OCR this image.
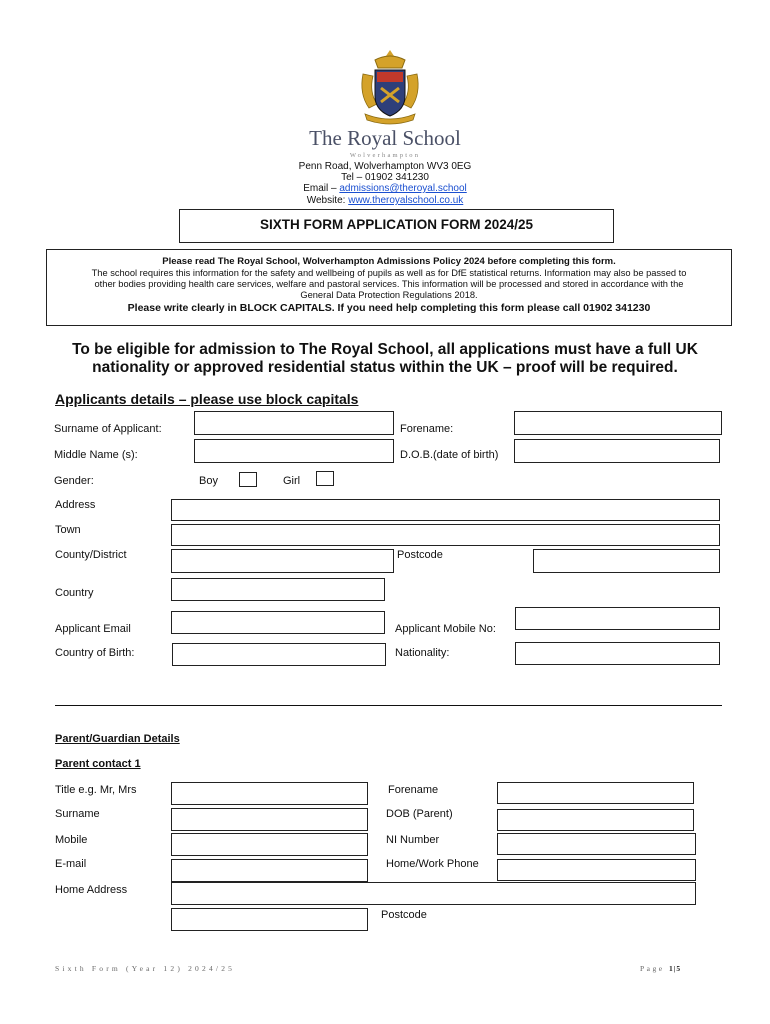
The Royal School
Wolverhampton
Penn Road, Wolverhampton WV3 0EG
Tel – 01902 341230
Email – admissions@theroyal.school
Website: www.theroyalschool.co.uk
SIXTH FORM APPLICATION FORM 2024/25
Please read The Royal School, Wolverhampton Admissions Policy 2024 before completing this form.
The school requires this information for the safety and wellbeing of pupils as well as for DfE statistical returns. Information may also be passed to
other bodies providing health care services, welfare and pastoral services. This information will be processed and stored in accordance with the
General Data Protection Regulations 2018.
Please write clearly in BLOCK CAPITALS. If you need help completing this form please call 01902 341230
To be eligible for admission to The Royal School, all applications must have a full UK
nationality or approved residential status within the UK – proof will be required.
Applicants details – please use block capitals
Surname of Applicant:	Forename:
Middle Name (s):	D.O.B.(date of birth)
Gender:	Boy	Girl
Address
Town
County/District	Postcode
Country
Applicant Email	Applicant Mobile No:
Country of Birth:	Nationality:
Parent/Guardian Details
Parent contact 1
Title e.g. Mr, Mrs	Forename
Surname	DOB (Parent)
Mobile	NI Number
E-mail	Home/Work Phone
Home Address
Postcode
Sixth Form (Year 12) 2024/25	Page 1|5
